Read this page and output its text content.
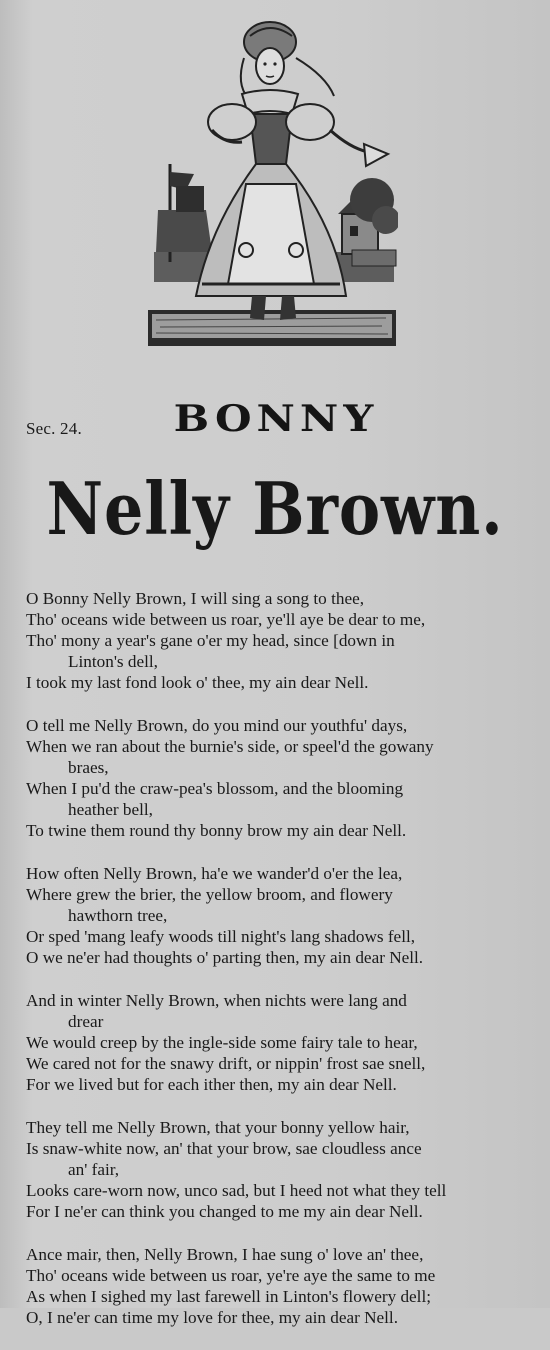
Sec. 24. BONNY
Nelly Brown.
O Bonny Nelly Brown, I will sing a song to thee,
Tho' oceans wide between us roar, ye'll aye be dear to me,
Tho' mony a year's gane o'er my head, since [down in
Linton's dell,
I took my last fond look o' thee, my ain dear Nell.
O tell me Nelly Brown, do you mind our youthfu' days,
When we ran about the burnie's side, or speel'd the gowany
braes,
When I pu'd the craw-pea's blossom, and the blooming
heather bell,
To twine them round thy bonny brow my ain dear Nell.
How often Nelly Brown, ha'e we wander'd o'er the lea,
Where grew the brier, the yellow broom, and flowery
hawthorn tree,
Or sped 'mang leafy woods till night's lang shadows fell,
O we ne'er had thoughts o' parting then, my ain dear Nell.
And in winter Nelly Brown, when nichts were lang and
drear
We would creep by the ingle-side some fairy tale to hear,
We cared not for the snawy drift, or nippin' frost sae snell,
For we lived but for each ither then, my ain dear Nell.
They tell me Nelly Brown, that your bonny yellow hair,
Is snaw-white now, an' that your brow, sae cloudless ance
an' fair,
Looks care-worn now, unco sad, but I heed not what they tell
For I ne'er can think you changed to me my ain dear Nell.
Ance mair, then, Nelly Brown, I hae sung o' love an' thee,
Tho' oceans wide between us roar, ye're aye the same to me
As when I sighed my last farewell in Linton's flowery dell;
O, I ne'er can time my love for thee, my ain dear Nell.
